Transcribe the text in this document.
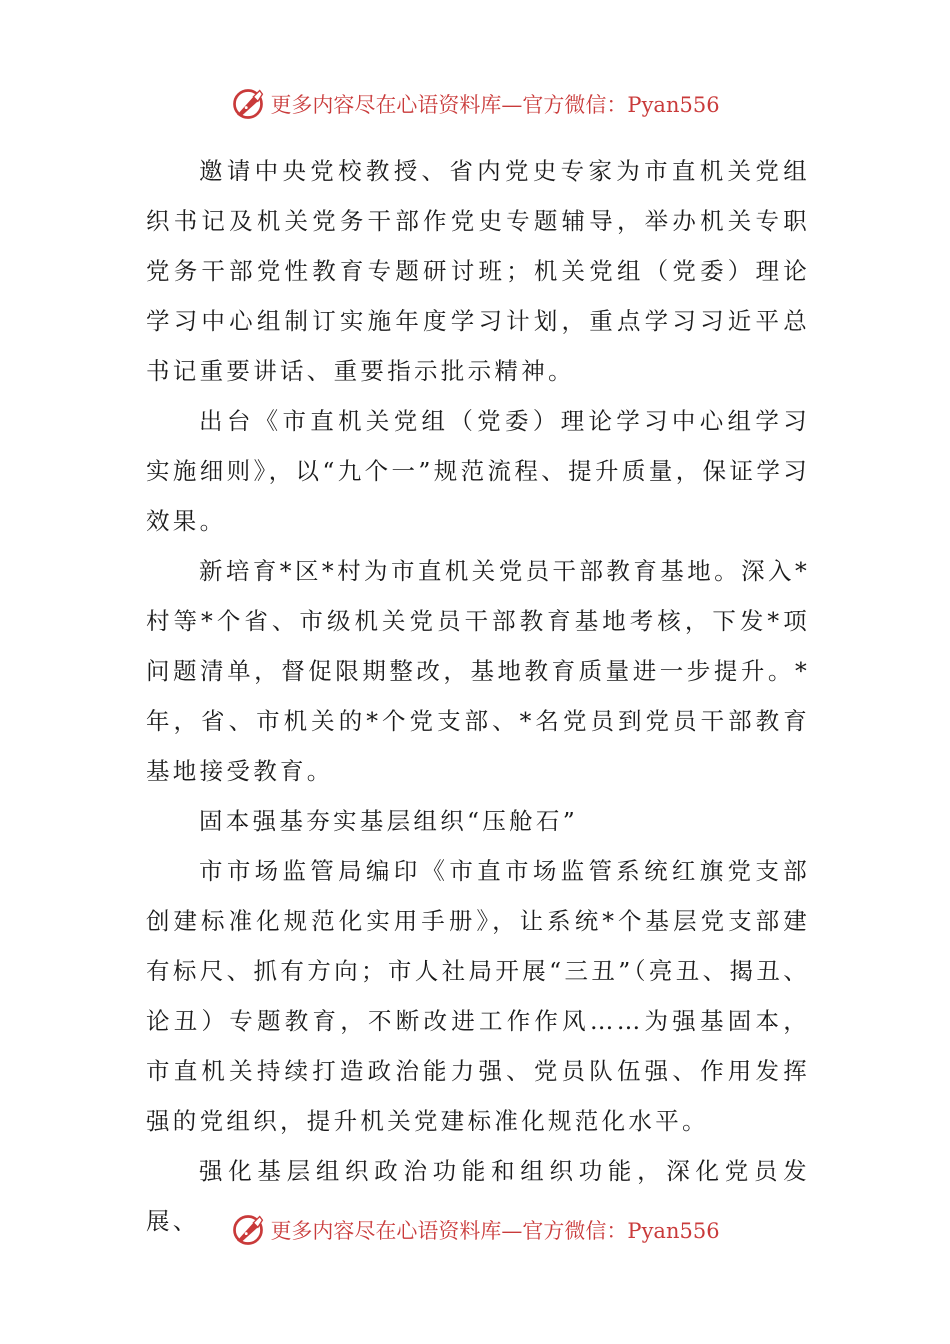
更多内容尽在心语资料库—官方微信：Pyan556

邀请中央党校教授、省内党史专家为市直机关党组织书记及机关党务干部作党史专题辅导，举办机关专职党务干部党性教育专题研讨班；机关党组（党委）理论学习中心组制订实施年度学习计划，重点学习习近平总书记重要讲话、重要指示批示精神。

出台《市直机关党组（党委）理论学习中心组学习实施细则》，以“九个一”规范流程、提升质量，保证学习效果。

新培育*区*村为市直机关党员干部教育基地。深入*村等*个省、市级机关党员干部教育基地考核，下发*项问题清单，督促限期整改，基地教育质量进一步提升。*年，省、市机关的*个党支部、*名党员到党员干部教育基地接受教育。

固本强基夯实基层组织“压舱石”

市市场监管局编印《市直市场监管系统红旗党支部创建标准化规范化实用手册》，让系统*个基层党支部建有标尺、抓有方向；市人社局开展“三丑”（亮丑、揭丑、论丑）专题教育，不断改进工作作风……为强基固本，市直机关持续打造政治能力强、党员队伍强、作用发挥强的党组织，提升机关党建标准化规范化水平。

强化基层组织政治功能和组织功能，深化党员发展、	更多内容尽在心语资料库—官方微信：Pyan556
